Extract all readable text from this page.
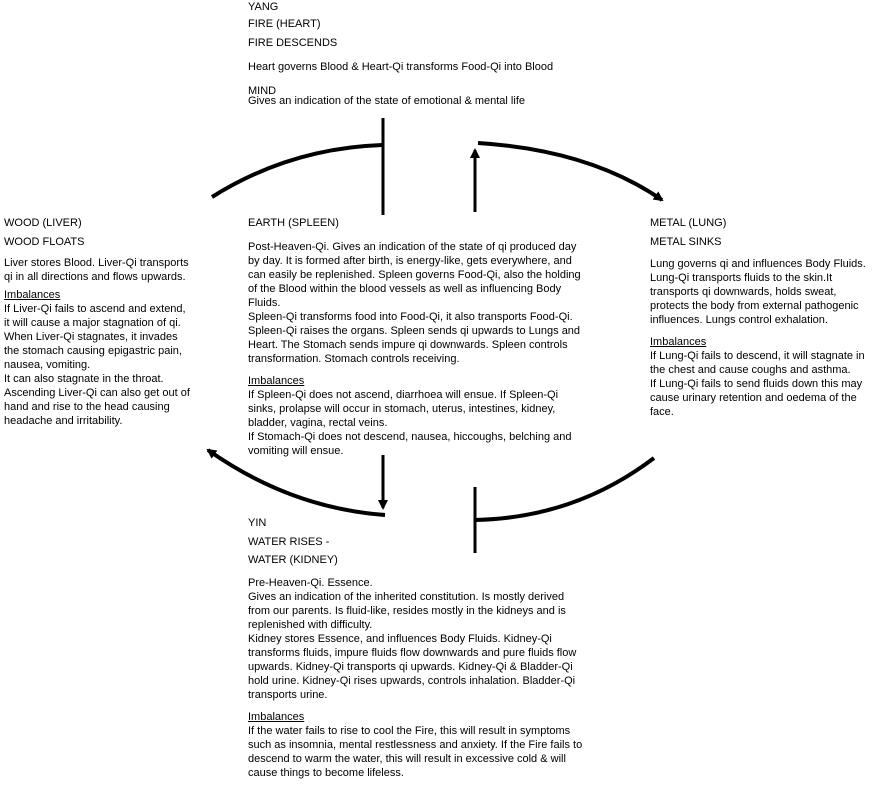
YANG
FIRE (HEART)
FIRE DESCENDS
Heart governs Blood & Heart-Qi transforms Food-Qi into Blood
MIND
Gives an indication of the state of emotional & mental life
WOOD (LIVER)
WOOD FLOATS

Liver stores Blood. Liver-Qi transports
qi in all directions and flows upwards.

Imbalances

If Liver-Qi fails to ascend and extend,
it will cause a major stagnation of qi.
When Liver-Qi stagnates, it invades
the stomach causing epigastric pain,
nausea, vomiting.
It can also stagnate in the throat.
Ascending Liver-Qi can also get out of
hand and rise to the head causing
headache and irritability.

EARTH (SPLEEN)

Post-Heaven-Qi. Gives an indication of the state of qi produced day
by day. It is formed after birth, is energy-like, gets everywhere, and
can easily be replenished. Spleen governs Food-Qi, also the holding
of the Blood within the blood vessels as well as influencing Body
Fluids.
Spleen-Qi transforms food into Food-Qi, it also transports Food-Qi.
Spleen-Qi raises the organs. Spleen sends qi upwards to Lungs and
Heart. The Stomach sends impure qi downwards. Spleen controls
transformation. Stomach controls receiving.

Imbalances

If Spleen-Qi does not ascend, diarrhoea will ensue. If Spleen-Qi
sinks, prolapse will occur in stomach, uterus, intestines, kidney,
bladder, vagina, rectal veins.
If Stomach-Qi does not descend, nausea, hiccoughs, belching and
vomiting will ensue.

METAL (LUNG)
METAL SINKS

Lung governs qi and influences Body Fluids.
Lung-Qi transports fluids to the skin.It
transports qi downwards, holds sweat,
protects the body from external pathogenic
influences. Lungs control exhalation.

Imbalances

If Lung-Qi fails to descend, it will stagnate in
the chest and cause coughs and asthma.
If Lung-Qi fails to send fluids down this may
cause urinary retention and oedema of the
face.

YIN
WATER RISES -
WATER (KIDNEY)

Pre-Heaven-Qi. Essence.
Gives an indication of the inherited constitution. Is mostly derived
from our parents. Is fluid-like, resides mostly in the kidneys and is
replenished with difficulty.
Kidney stores Essence, and influences Body Fluids. Kidney-Qi
transforms fluids, impure fluids flow downwards and pure fluids flow
upwards. Kidney-Qi transports qi upwards. Kidney-Qi & Bladder-Qi
hold urine. Kidney-Qi rises upwards, controls inhalation. Bladder-Qi
transports urine.

Imbalances

If the water fails to rise to cool the Fire, this will result in symptoms
such as insomnia, mental restlessness and anxiety. If the Fire fails to
descend to warm the water, this will result in excessive cold & will
cause things to become lifeless.
